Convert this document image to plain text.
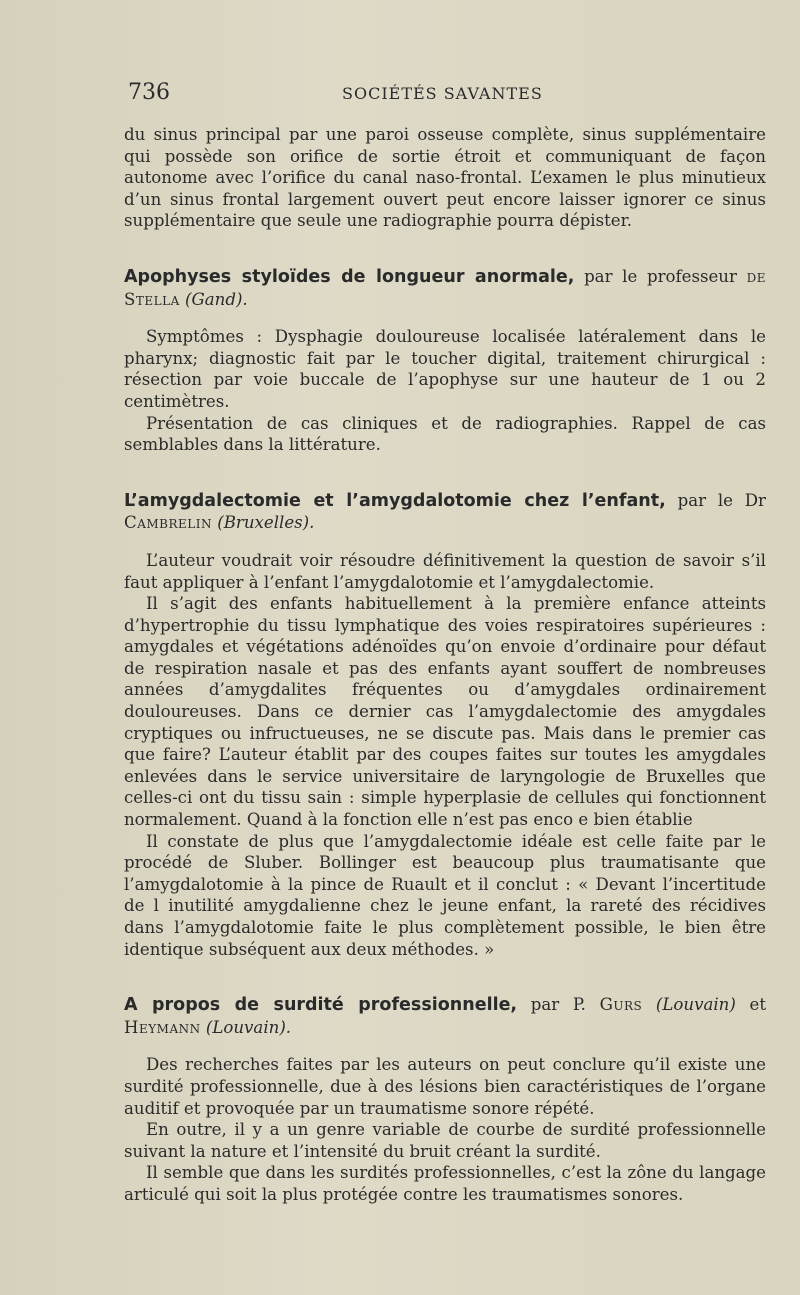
736	SOCIÉTÉS SAVANTES

du sinus principal par une paroi osseuse complète, sinus supplémentaire qui possède son orifice de sortie étroit et communiquant de façon autonome avec l’orifice du canal naso-frontal. L’examen le plus minutieux d’un sinus frontal largement ouvert peut encore laisser ignorer ce sinus supplémentaire que seule une radiographie pourra dépister.

Apophyses styloïdes de longueur anormale, par le professeur de Stella (Gand).

Symptômes : Dysphagie douloureuse localisée latéralement dans le pharynx; diagnostic fait par le toucher digital, traitement chirurgical : résection par voie buccale de l’apophyse sur une hauteur de 1 ou 2 centimètres.

Présentation de cas cliniques et de radiographies. Rappel de cas semblables dans la littérature.

L’amygdalectomie et l’amygdalotomie chez l’enfant, par le Dr Cambrelin (Bruxelles).

L’auteur voudrait voir résoudre définitivement la question de savoir s’il faut appliquer à l’enfant l’amygdalotomie et l’amygdalectomie.

Il s’agit des enfants habituellement à la première enfance atteints d’hypertrophie du tissu lymphatique des voies respiratoires supérieures : amygdales et végétations adénoïdes qu’on envoie d’ordinaire pour défaut de respiration nasale et pas des enfants ayant souffert de nombreuses années d’amygdalites fréquentes ou d’amygdales ordinairement douloureuses. Dans ce dernier cas l’amygdalectomie des amygdales cryptiques ou infructueuses, ne se discute pas. Mais dans le premier cas que faire? L’auteur établit par des coupes faites sur toutes les amygdales enlevées dans le service universitaire de laryngologie de Bruxelles que celles-ci ont du tissu sain : simple hyperplasie de cellules qui fonctionnent normalement. Quand à la fonction elle n’est pas enco e bien établie

Il constate de plus que l’amygdalectomie idéale est celle faite par le procédé de Sluber. Bollinger est beaucoup plus traumatisante que l’amygdalotomie à la pince de Ruault et il conclut : « Devant l’incertitude de l inutilité amygdalienne chez le jeune enfant, la rareté des récidives dans l’amygdalotomie faite le plus complètement possible, le bien être identique subséquent aux deux méthodes. »

A propos de surdité professionnelle, par P. Gurs (Louvain) et Heymann (Louvain).

Des recherches faites par les auteurs on peut conclure qu’il existe une surdité professionnelle, due à des lésions bien caractéristiques de l’organe auditif et provoquée par un traumatisme sonore répété.

En outre, il y a un genre variable de courbe de surdité professionnelle suivant la nature et l’intensité du bruit créant la surdité.

Il semble que dans les surdités professionnelles, c’est la zône du langage articulé qui soit la plus protégée contre les traumatismes sonores.
